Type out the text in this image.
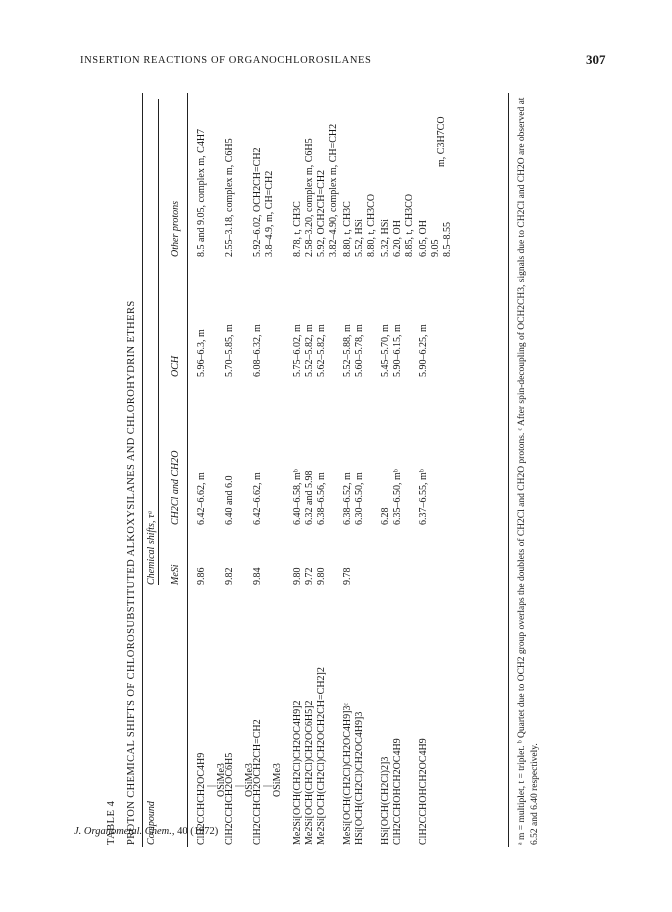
INSERTION REACTIONS OF ORGANOCHLOROSILANES	307
J. Organometal. Chem., 40 (1972)
TABLE 4 PROTON CHEMICAL SHIFTS OF CHLOROSUBSTITUTED ALKOXYSILANES AND CHLOROHYDRIN ETHERS Compound
Chemical shifts, τᵃ MeSi
CH2Cl and CH2O
OCH
Other protons
ClH2CCHCH2OC4H9 | OSiMe3
9.86
6.42–6.62, m
5.96–6.3, m
8.5 and 9.05, complex m, C4H7
ClH2CCHCH2OC6H5 | OSiMe3
9.82
6.40 and 6.0
5.70–5.85, m
2.55–3.18, complex m, C6H5
ClH2CCHCH2OCH2CH=CH2 | OSiMe3
9.84
6.42–6.62, m
6.08–6.32, m
5.92–6.02, OCH2CH=CH2 3.8–4.9, m, CH=CH2
Me2Si[OCH(CH2Cl)CH2OC4H9]2
9.80
6.40–6.58, mᵇ
5.75–6.02, m
8.78, t, CH3C
Me2Si[OCH(CH2Cl)CH2OC6H5]2
9.72
6.32 and 5.98
5.52–5.82, m
2.58–3.20, complex m, C6H5
Me2Si[OCH(CH2Cl)CH2OCH2CH=CH2]2
9.80
6.38–6.56, m
5.62–5.82, m
5.92, OCH2CH=CH2 3.82–4.90, complex m, CH=CH2
MeSi[OCH(CH2Cl)CH2OC4H9]3ᶜ
9.78
6.38–6.52, m
5.52–5.88, m
8.80, t, CH3C
HSi[OCH(CH2Cl)CH2OC4H9]3
6.30–6.50, m
5.60–5.78, m
5.52, HSi 8.80, t, CH3CO
HSi[OCH(CH2Cl)2]3
6.28
5.45–5.70, m
5.32, HSi
ClH2CCHOHCH2OC4H9
6.35–6.50, mᵇ
5.90–6.15, m
6.20, OH 8.85, t, CH3CO
ClH2CCHOHCH2OC4H9
6.37–6.55, mᵇ
5.90–6.25, m
6.05, OH 9.05 8.5–8.55
m, C3H7CO	ᵃ m = multiplet, t = triplet. ᵇ Quartet due to OCH2 group overlaps the doublets of CH2Cl and CH2O protons. ᶜ After spin-decoupling of OCH2CH3, signals due to CH2Cl and CH2O are observed at 6.52 and 6.40 respectively.
